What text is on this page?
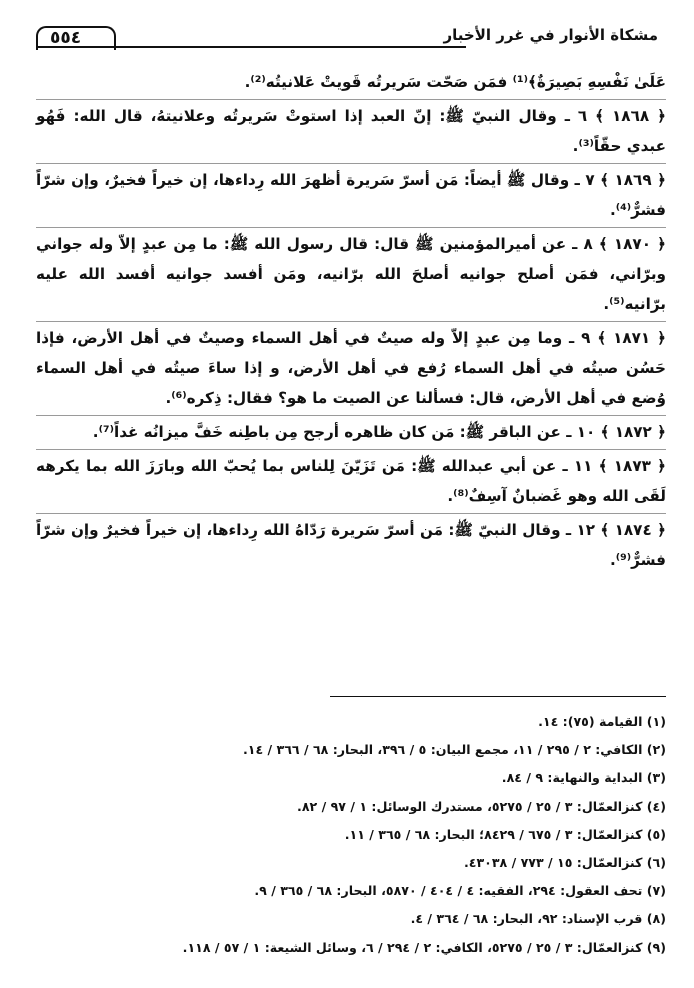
مشكاة الأنوار في غرر الأخبار
٥٥٤
عَلَىٰ نَفْسِهِ بَصِيرَةٌ﴾⁽¹⁾ فمَن صَحّت سَريرتُه قَويتْ عَلانيتُه⁽²⁾.
﴿ ١٨٦٨ ﴾ ٦ ـ وقال النبيّ ﷺ: إنّ العبد إذا استوتْ سَريرتُه وعلانيتهُ، قال الله: فَهُو عبدي حقّاً⁽³⁾.
﴿ ١٨٦٩ ﴾ ٧ ـ وقال ﷺ أيضاً: مَن أسرّ سَريرة أظهرَ الله رِداءها، إن خيراً فخيرٌ، وإن شرّاً فشرٌّ⁽⁴⁾.
﴿ ١٨٧٠ ﴾ ٨ ـ عن أميرالمؤمنين ﷺ قال: قال رسول الله ﷺ: ما مِن عبدٍ إلاّ وله جواني وبرّاني، فمَن أصلح جوانيه أصلحَ الله برّانيه، ومَن أفسد جوانيه أفسد الله عليه برّانيه⁽⁵⁾.
﴿ ١٨٧١ ﴾ ٩ ـ وما مِن عبدٍ إلاّ وله صيتٌ في أهل السماء وصيتٌ في أهل الأرض، فإذا حَسُن صيتُه في أهل السماء رُفع في أهل الأرض، و إذا ساءَ صيتُه في أهل السماء وُضع في أهل الأرض، قال: فسألنا عن الصيت ما هو؟ فقال: ذِكره⁽⁶⁾.
﴿ ١٨٧٢ ﴾ ١٠ ـ عن الباقر ﷺ: مَن كان ظاهره أرجح مِن باطِنه خَفَّ ميزانُه غداً⁽⁷⁾.
﴿ ١٨٧٣ ﴾ ١١ ـ عن أبي عبدالله ﷺ: مَن تَزَيّنَ لِلناس بما يُحبّ الله وبارَزَ الله بما يكرهه لَقَى الله وهو غَضبانٌ آسِفٌ⁽⁸⁾.
﴿ ١٨٧٤ ﴾ ١٢ ـ وقال النبيّ ﷺ: مَن أسرّ سَريرة رَدّاهُ الله رِداءها، إن خيراً فخيرٌ وإن شرّاً فشرٌّ⁽⁹⁾.
(١) القيامة (٧٥): ١٤.
(٢) الكافي: ٢ / ٢٩٥ / ١١، مجمع البيان: ٥ / ٣٩٦، البحار: ٦٨ / ٣٦٦ / ١٤.
(٣) البداية والنهاية: ٩ / ٨٤.
(٤) كنزالعمّال: ٣ / ٢٥ / ٥٢٧٥، مستدرك الوسائل: ١ / ٩٧ / ٨٢.
(٥) كنزالعمّال: ٣ / ٦٧٥ / ٨٤٢٩؛ البحار: ٦٨ / ٣٦٥ / ١١.
(٦) كنزالعمّال: ١٥ / ٧٧٣ / ٤٣٠٣٨.
(٧) تحف العقول: ٢٩٤، الفقيه: ٤ / ٤٠٤ / ٥٨٧٠، البحار: ٦٨ / ٣٦٥ / ٩.
(٨) قرب الإسناد: ٩٢، البحار: ٦٨ / ٣٦٤ / ٤.
(٩) كنزالعمّال: ٣ / ٢٥ / ٥٢٧٥، الكافي: ٢ / ٢٩٤ / ٦، وسائل الشيعة: ١ / ٥٧ / ١١٨.
